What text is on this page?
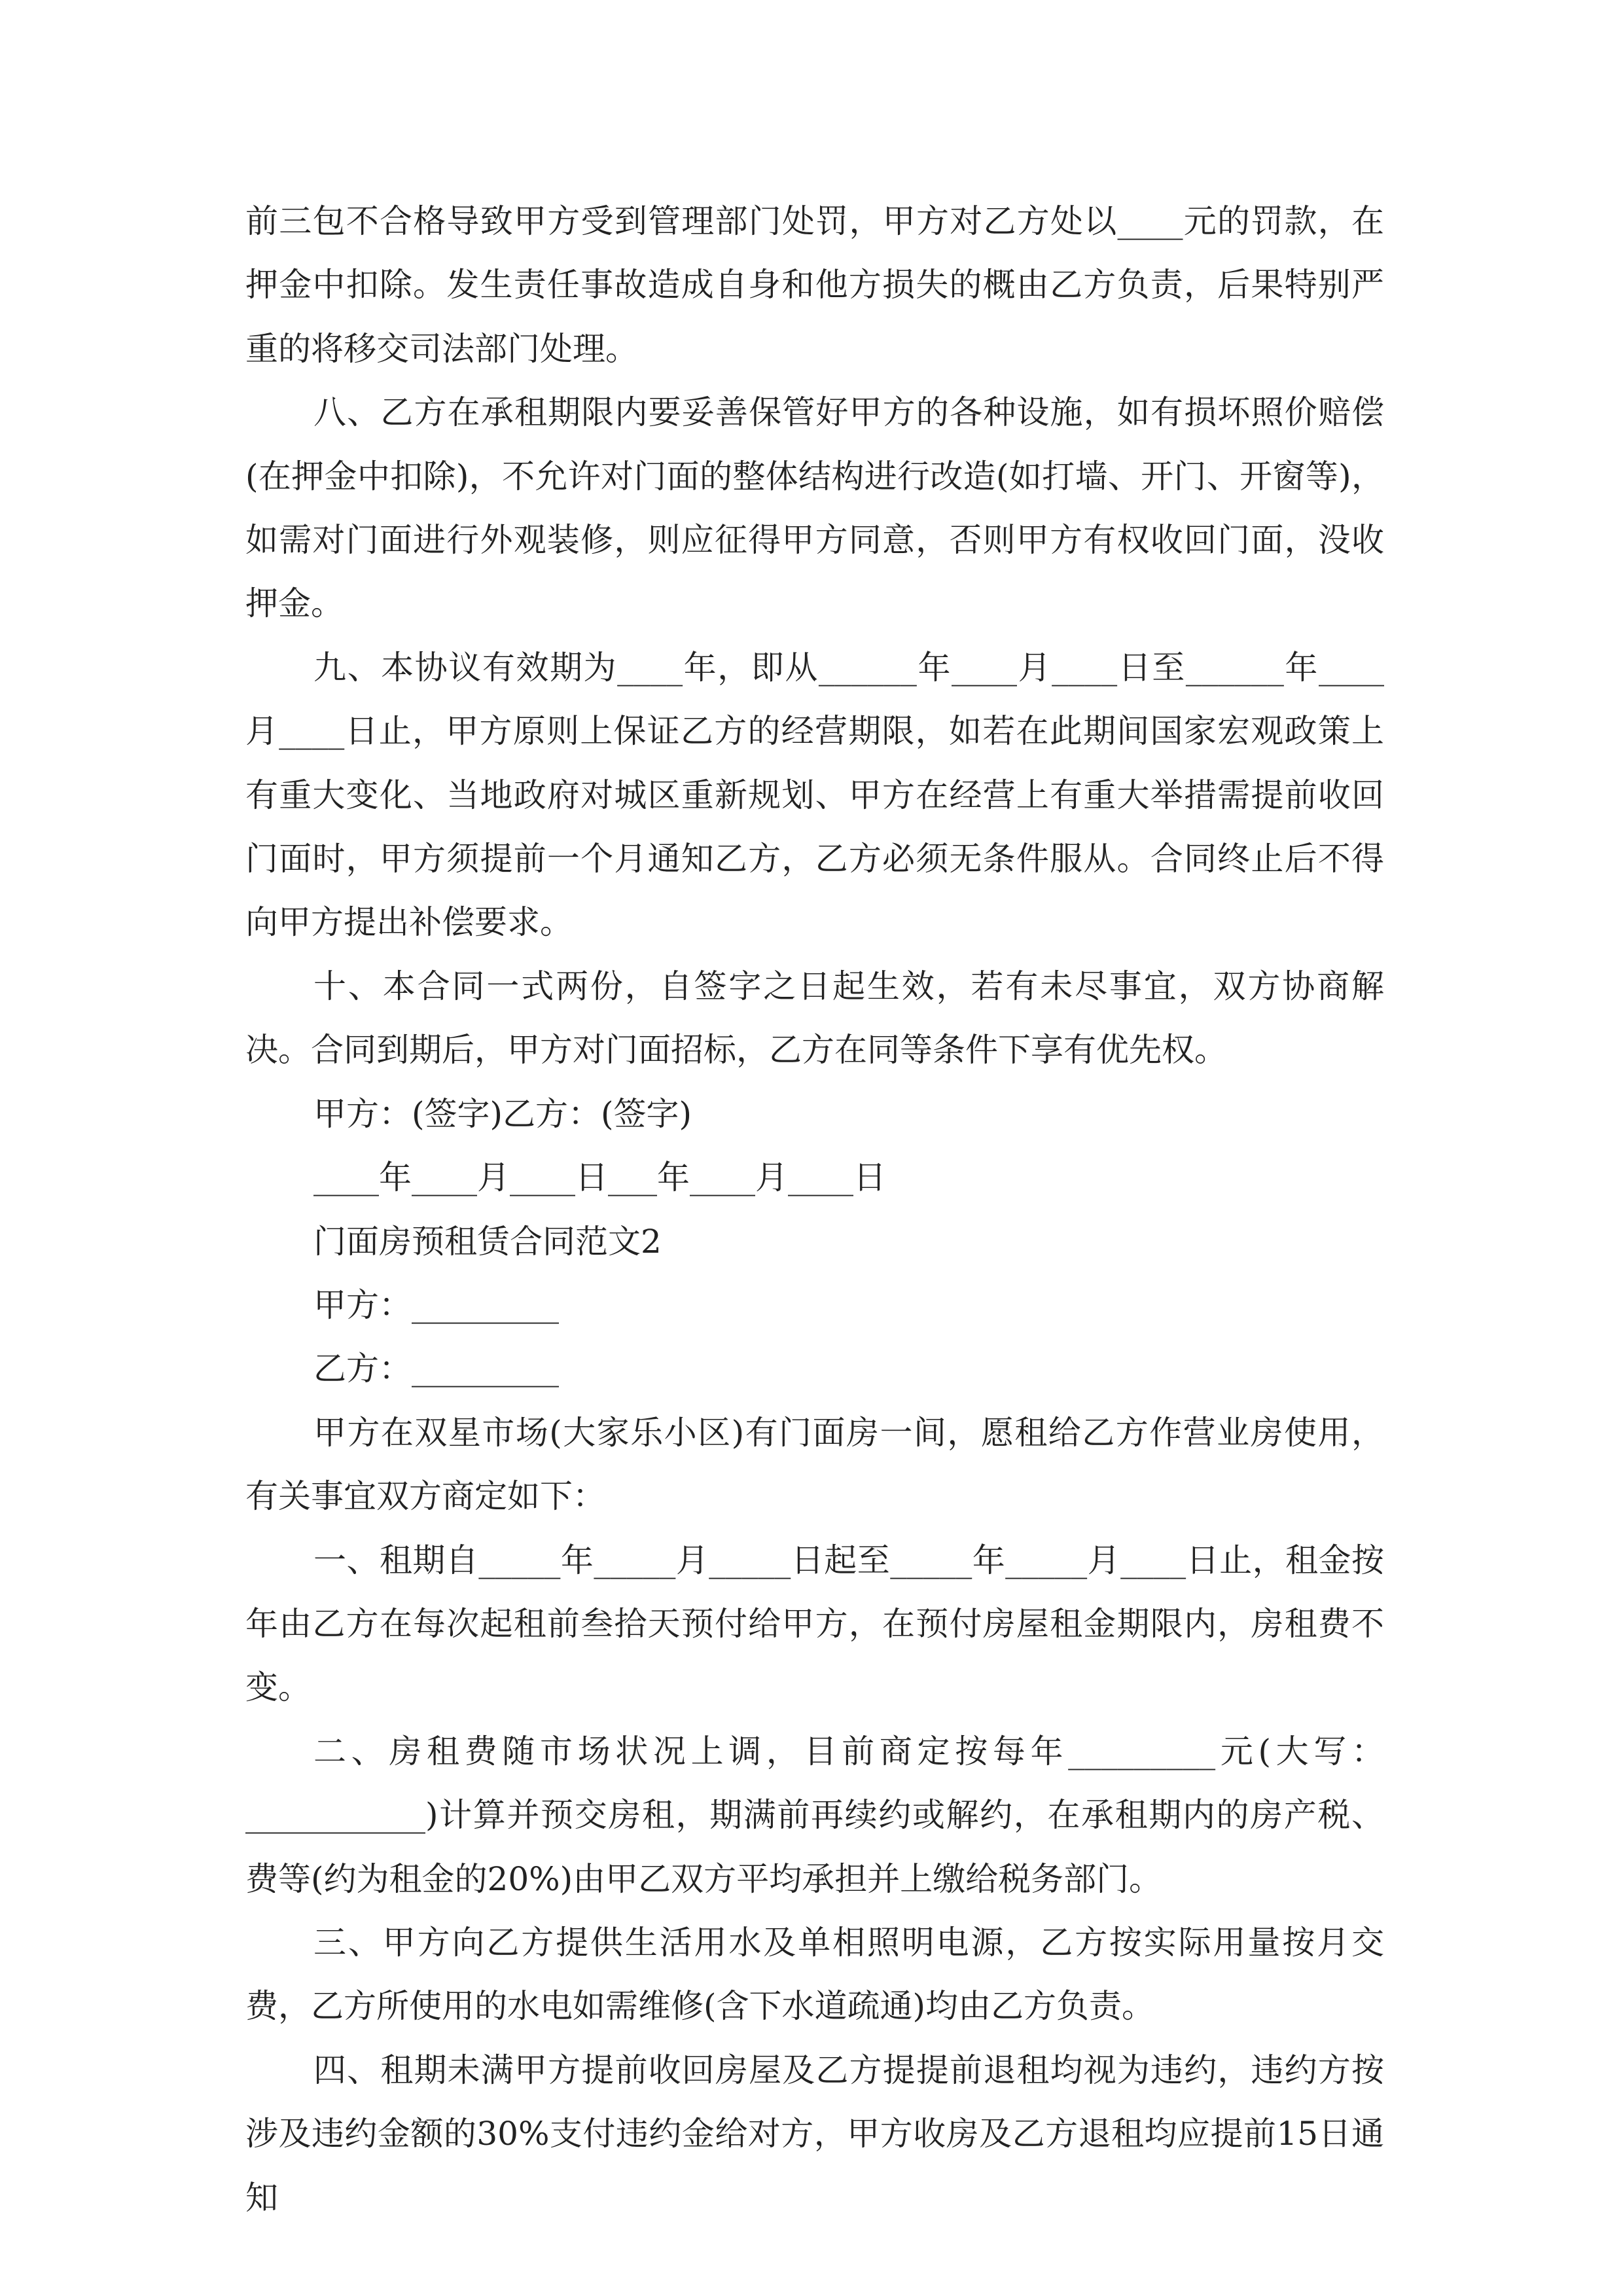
前三包不合格导致甲方受到管理部门处罚，甲方对乙方处以____元的罚款，在押金中扣除。发生责任事故造成自身和他方损失的概由乙方负责，后果特别严重的将移交司法部门处理。

八、乙方在承租期限内要妥善保管好甲方的各种设施，如有损坏照价赔偿(在押金中扣除)，不允许对门面的整体结构进行改造(如打墙、开门、开窗等)，如需对门面进行外观装修，则应征得甲方同意，否则甲方有权收回门面，没收押金。

九、本协议有效期为____年，即从______年____月____日至______年____月____日止，甲方原则上保证乙方的经营期限，如若在此期间国家宏观政策上有重大变化、当地政府对城区重新规划、甲方在经营上有重大举措需提前收回门面时，甲方须提前一个月通知乙方，乙方必须无条件服从。合同终止后不得向甲方提出补偿要求。

十、本合同一式两份，自签字之日起生效，若有未尽事宜，双方协商解决。合同到期后，甲方对门面招标，乙方在同等条件下享有优先权。

甲方：(签字)乙方：(签字)

____年____月____日___年____月____日

门面房预租赁合同范文2

甲方：_________

乙方：_________

甲方在双星市场(大家乐小区)有门面房一间，愿租给乙方作营业房使用，有关事宜双方商定如下：

一、租期自_____年_____月_____日起至_____年_____月____日止，租金按年由乙方在每次起租前叁拾天预付给甲方，在预付房屋租金期限内，房租费不变。

二、房租费随市场状况上调，目前商定按每年_________元(大写：___________)计算并预交房租，期满前再续约或解约，在承租期内的房产税、费等(约为租金的20%)由甲乙双方平均承担并上缴给税务部门。

三、甲方向乙方提供生活用水及单相照明电源，乙方按实际用量按月交费，乙方所使用的水电如需维修(含下水道疏通)均由乙方负责。

四、租期未满甲方提前收回房屋及乙方提提前退租均视为违约，违约方按涉及违约金额的30%支付违约金给对方，甲方收房及乙方退租均应提前15日通知
